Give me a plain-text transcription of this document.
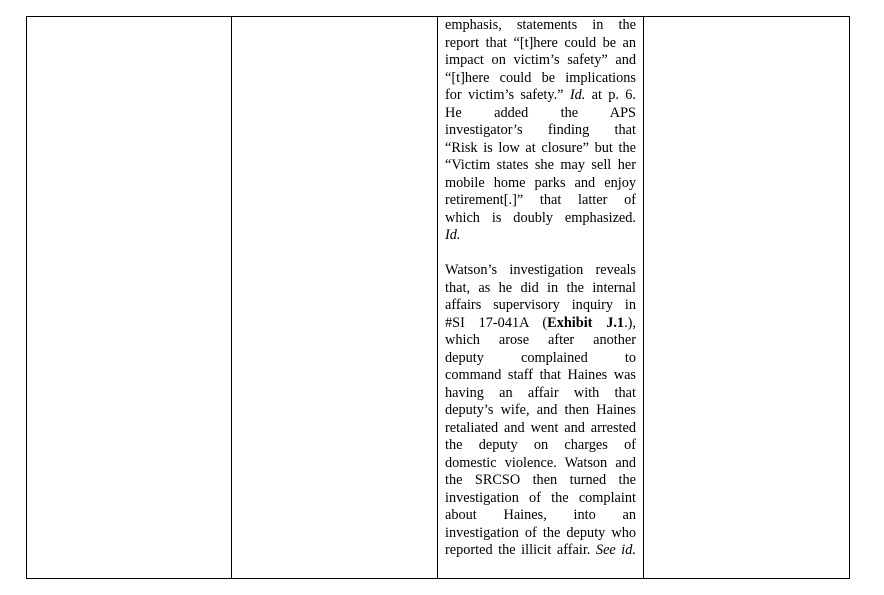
emphasis, statements in the
report that “[t]here could be an
impact on victim’s safety” and
“[t]here could be implications
for victim’s safety.” Id. at p. 6.
He added the APS
investigator’s finding that
“Risk is low at closure” but the
“Victim states she may sell her
mobile home parks and enjoy
retirement[.]” that latter of
which is doubly emphasized.
Id.
Watson’s investigation reveals
that, as he did in the internal
affairs supervisory inquiry in
#SI 17-041A (Exhibit J.1.),
which arose after another
deputy complained to
command staff that Haines was
having an affair with that
deputy’s wife, and then Haines
retaliated and went and arrested
the deputy on charges of
domestic violence. Watson and
the SRCSO then turned the
investigation of the complaint
about Haines, into an
investigation of the deputy who
reported the illicit affair. See id.
